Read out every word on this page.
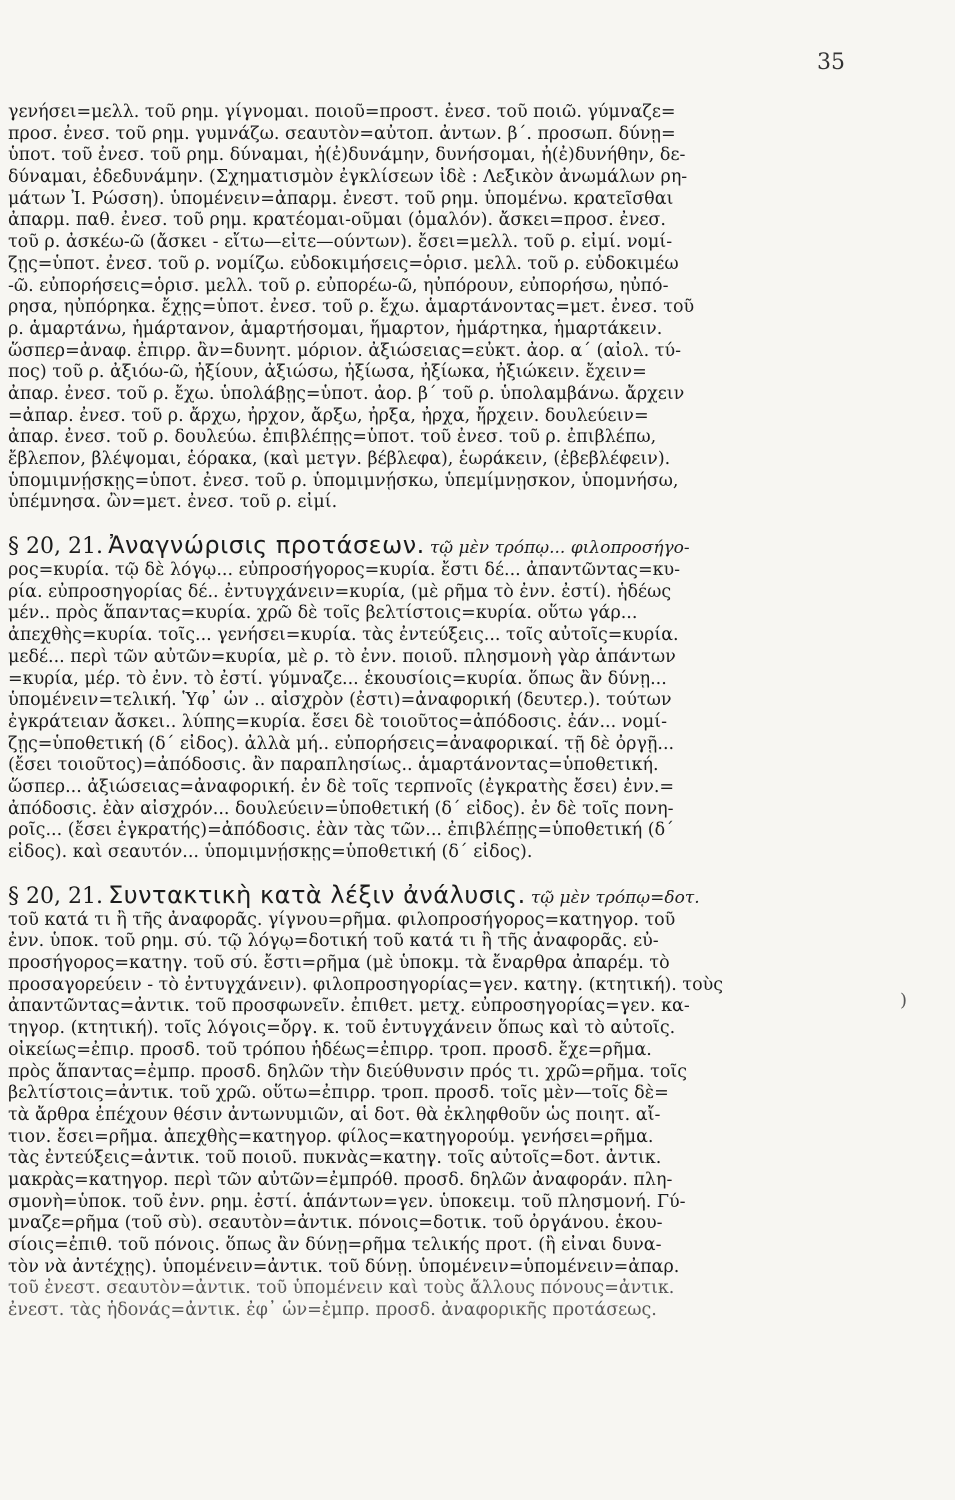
35
γενήσει=μελλ. τοῦ ρημ. γίγνομαι. ποιοῦ=προστ. ἐνεσ. τοῦ ποιῶ. γύμναζε=
προσ. ἐνεσ. τοῦ ρημ. γυμνάζω. σεαυτὸν=αὐτοπ. ἀντων. β΄. προσωπ. δύνῃ=
ὑποτ. τοῦ ἐνεσ. τοῦ ρημ. δύναμαι, ἠ(ἐ)δυνάμην, δυνήσομαι, ἠ(ἐ)δυνήθην, δε-
δύναμαι, ἐδεδυνάμην. (Σχηματισμὸν ἐγκλίσεων ἰδὲ : Λεξικὸν ἀνωμάλων ρη-
μάτων Ἰ. Ρώσση). ὑπομένειν=ἀπαρμ. ἐνεστ. τοῦ ρημ. ὑπομένω. κρατεῖσθαι
ἀπαρμ. παθ. ἐνεσ. τοῦ ρημ. κρατέομαι-οῦμαι (ὁμαλόν). ἄσκει=προσ. ἐνεσ.
τοῦ ρ. ἀσκέω-ῶ (ἄσκει - εἴτω—εἶτε—ούντων). ἔσει=μελλ. τοῦ ρ. εἰμί. νομί-
ζῃς=ὑποτ. ἐνεσ. τοῦ ρ. νομίζω. εὐδοκιμήσεις=ὁρισ. μελλ. τοῦ ρ. εὐδοκιμέω
-ῶ. εὐπορήσεις=ὁρισ. μελλ. τοῦ ρ. εὐπορέω-ῶ, ηὐπόρουν, εὐπορήσω, ηὐπό-
ρησα, ηὐπόρηκα. ἔχῃς=ὑποτ. ἐνεσ. τοῦ ρ. ἔχω. ἁμαρτάνοντας=μετ. ἐνεσ. τοῦ
ρ. ἁμαρτάνω, ἡμάρτανον, ἁμαρτήσομαι, ἥμαρτον, ἡμάρτηκα, ἡμαρτάκειν.
ὥσπερ=ἀναφ. ἐπιρρ. ἂν=δυνητ. μόριον. ἀξιώσειας=εὐκτ. ἀορ. α΄ (αἰολ. τύ-
πος) τοῦ ρ. ἀξιόω-ῶ, ἠξίουν, ἀξιώσω, ἠξίωσα, ἠξίωκα, ἠξιώκειν. ἔχειν=
ἀπαρ. ἐνεσ. τοῦ ρ. ἔχω. ὑπολάβῃς=ὑποτ. ἀορ. β΄ τοῦ ρ. ὑπολαμβάνω. ἄρχειν
=ἀπαρ. ἐνεσ. τοῦ ρ. ἄρχω, ἦρχον, ἄρξω, ἦρξα, ἦρχα, ἤρχειν. δουλεύειν=
ἀπαρ. ἐνεσ. τοῦ ρ. δουλεύω. ἐπιβλέπῃς=ὑποτ. τοῦ ἐνεσ. τοῦ ρ. ἐπιβλέπω,
ἔβλεπον, βλέψομαι, ἑόρακα, (καὶ μετγν. βέβλεφα), ἑωράκειν, (ἐβεβλέφειν).
ὑπομιμνῄσκῃς=ὑποτ. ἐνεσ. τοῦ ρ. ὑπομιμνῄσκω, ὑπεμίμνῃσκον, ὑπομνήσω,
ὑπέμνησα. ὢν=μετ. ἐνεσ. τοῦ ρ. εἰμί.
§ 20, 21. Ἀναγνώρισις προτάσεων. τῷ μὲν τρόπῳ... φιλοπροσήγο-
ρος=κυρία. τῷ δὲ λόγῳ... εὐπροσήγορος=κυρία. ἔστι δέ... ἀπαντῶντας=κυ-
ρία. εὐπροσηγορίας δέ.. ἐντυγχάνειν=κυρία, (μὲ ρῆμα τὸ ἐνν. ἐστί). ἡδέως
μέν.. πρὸς ἅπαντας=κυρία. χρῶ δὲ τοῖς βελτίστοις=κυρία. οὕτω γάρ...
ἀπεχθὴς=κυρία. τοῖς... γενήσει=κυρία. τὰς ἐντεύξεις... τοῖς αὐτοῖς=κυρία.
μεδέ... περὶ τῶν αὐτῶν=κυρία, μὲ ρ. τὸ ἐνν. ποιοῦ. πλησμονὴ γὰρ ἁπάντων
=κυρία, μέρ. τὸ ἐνν. τὸ ἐστί. γύμναζε... ἑκουσίοις=κυρία. ὅπως ἂν δύνῃ...
ὑπομένειν=τελική. Ὑφ᾿ ὧν .. αἰσχρὸν (ἐστι)=ἀναφορική (δευτερ.). τούτων
ἐγκράτειαν ἄσκει.. λύπης=κυρία. ἔσει δὲ τοιοῦτος=ἀπόδοσις. ἐάν... νομί-
ζῃς=ὑποθετική (δ΄ εἶδος). ἀλλὰ μή.. εὐπορήσεις=ἀναφορικαί. τῇ δὲ ὀργῇ...
(ἔσει τοιοῦτος)=ἀπόδοσις. ἂν παραπλησίως.. ἁμαρτάνοντας=ὑποθετική.
ὥσπερ... ἀξιώσειας=ἀναφορική. ἐν δὲ τοῖς τερπνοῖς (ἐγκρατὴς ἔσει) ἐνν.=
ἀπόδοσις. ἐὰν αἰσχρόν... δουλεύειν=ὑποθετική (δ΄ εἶδος). ἐν δὲ τοῖς πονη-
ροῖς... (ἔσει ἐγκρατής)=ἀπόδοσις. ἐὰν τὰς τῶν... ἐπιβλέπῃς=ὑποθετική (δ΄
εἶδος). καὶ σεαυτόν... ὑπομιμνῄσκῃς=ὑποθετική (δ΄ εἶδος).
§ 20, 21. Συντακτικὴ κατὰ λέξιν ἀνάλυσις. τῷ μὲν τρόπῳ=δοτ.
τοῦ κατά τι ἢ τῆς ἀναφορᾶς. γίγνου=ρῆμα. φιλοπροσήγορος=κατηγορ. τοῦ
ἐνν. ὑποκ. τοῦ ρημ. σύ. τῷ λόγῳ=δοτική τοῦ κατά τι ἢ τῆς ἀναφορᾶς. εὐ-
προσήγορος=κατηγ. τοῦ σύ. ἔστι=ρῆμα (μὲ ὑποκμ. τὰ ἔναρθρα ἀπαρέμ. τὸ
προσαγορεύειν - τὸ ἐντυγχάνειν). φιλοπροσηγορίας=γεν. κατηγ. (κτητική). τοὺς
ἀπαντῶντας=ἀντικ. τοῦ προσφωνεῖν. ἐπιθετ. μετχ. εὐπροσηγορίας=γεν. κα-
τηγορ. (κτητική). τοῖς λόγοις=ὄργ. κ. τοῦ ἐντυγχάνειν ὅπως καὶ τὸ αὐτοῖς.
οἰκείως=ἐπιρ. προσδ. τοῦ τρόπου ἡδέως=ἐπιρρ. τροπ. προσδ. ἔχε=ρῆμα.
πρὸς ἅπαντας=ἐμπρ. προσδ. δηλῶν τὴν διεύθυνσιν πρός τι. χρῶ=ρῆμα. τοῖς
βελτίστοις=ἀντικ. τοῦ χρῶ. οὕτω=ἐπιρρ. τροπ. προσδ. τοῖς μὲν—τοῖς δὲ=
τὰ ἄρθρα ἐπέχουν θέσιν ἀντωνυμιῶν, αἱ δοτ. θὰ ἐκληφθοῦν ὡς ποιητ. αἴ-
τιον. ἔσει=ρῆμα. ἀπεχθὴς=κατηγορ. φίλος=κατηγορούμ. γενήσει=ρῆμα.
τὰς ἐντεύξεις=ἀντικ. τοῦ ποιοῦ. πυκνὰς=κατηγ. τοῖς αὐτοῖς=δοτ. ἀντικ.
μακρὰς=κατηγορ. περὶ τῶν αὐτῶν=ἐμπρόθ. προσδ. δηλῶν ἀναφοράν. πλη-
σμονὴ=ὑποκ. τοῦ ἐνν. ρημ. ἐστί. ἁπάντων=γεν. ὑποκειμ. τοῦ πλησμονή. Γύ-
μναζε=ρῆμα (τοῦ σὺ). σεαυτὸν=ἀντικ. πόνοις=δοτικ. τοῦ ὀργάνου. ἑκου-
σίοις=ἐπιθ. τοῦ πόνοις. ὅπως ἂν δύνῃ=ρῆμα τελικής προτ. (ἢ εἶναι δυνα-
τὸν νὰ ἀντέχῃς). ὑπομένειν=ἀντικ. τοῦ δύνῃ. ὑπομένειν=ὑπομένειν=ἀπαρ.
τοῦ ἐνεστ. σεαυτὸν=ἀντικ. τοῦ ὑπομένειν καὶ τοὺς ἄλλους πόνους=ἀντικ.
ἐνεστ. τὰς ἡδονάς=ἀντικ. ἐφ᾿ ὧν=ἐμπρ. προσδ. ἀναφορικῆς προτάσεως.
)
